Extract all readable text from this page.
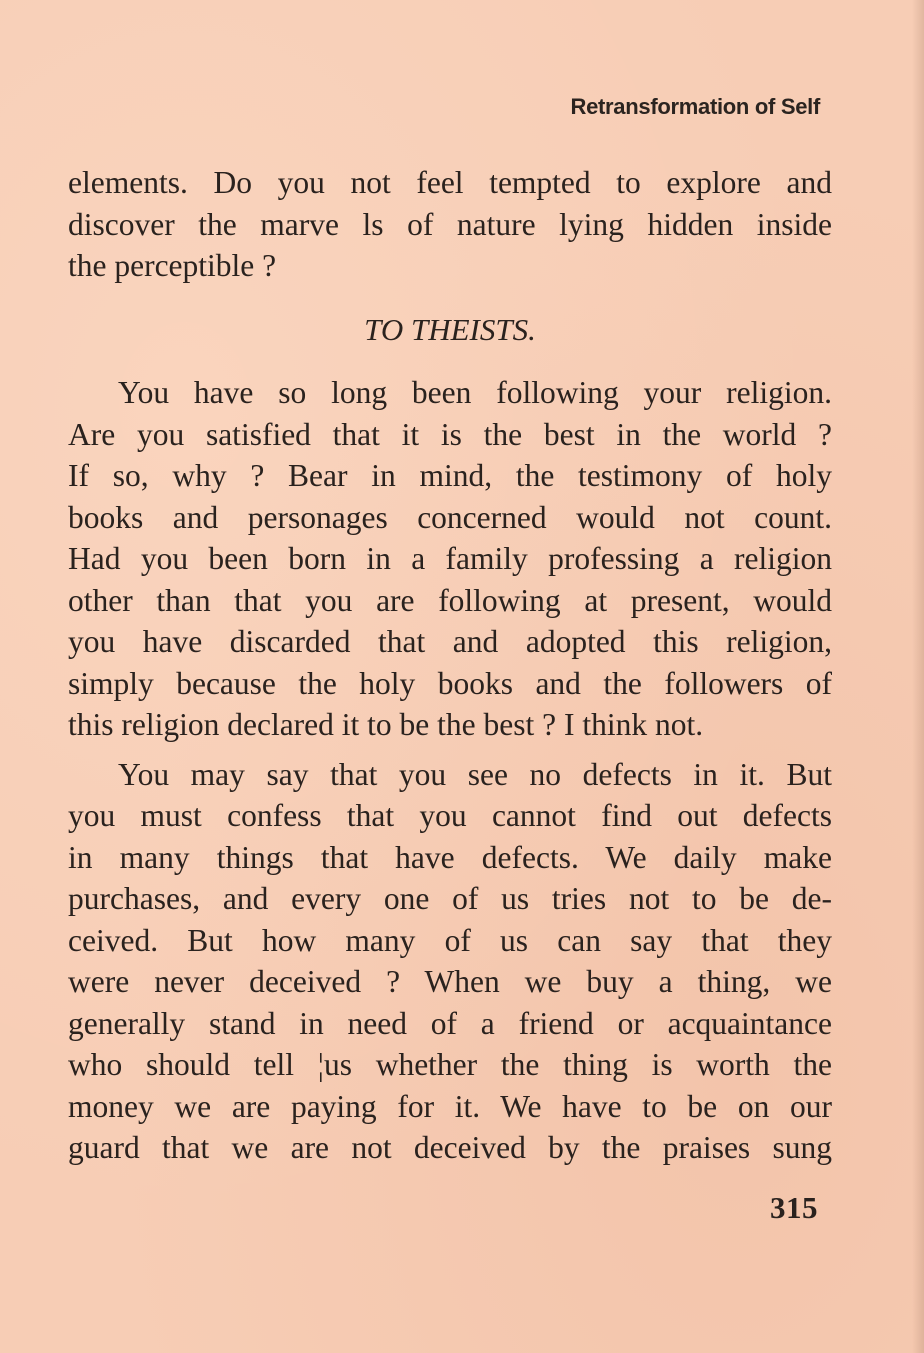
Retransformation of Self

elements. Do you not feel tempted to explore and
discover the marve ls of nature lying hidden inside
the perceptible ?

TO THEISTS.

You have so long been following your religion.
Are you satisfied that it is the best in the world ?
If so, why ? Bear in mind, the testimony of holy
books and personages concerned would not count.
Had you been born in a family professing a religion
other than that you are following at present, would
you have discarded that and adopted this religion,
simply because the holy books and the followers of
this religion declared it to be the best ? I think not.

You may say that you see no defects in it. But
you must confess that you cannot find out defects
in many things that have defects. We daily make
purchases, and every one of us tries not to be de-
ceived. But how many of us can say that they
were never deceived ? When we buy a thing, we
generally stand in need of a friend or acquaintance
who should tell ¦us whether the thing is worth the
money we are paying for it. We have to be on our
guard that we are not deceived by the praises sung

315
